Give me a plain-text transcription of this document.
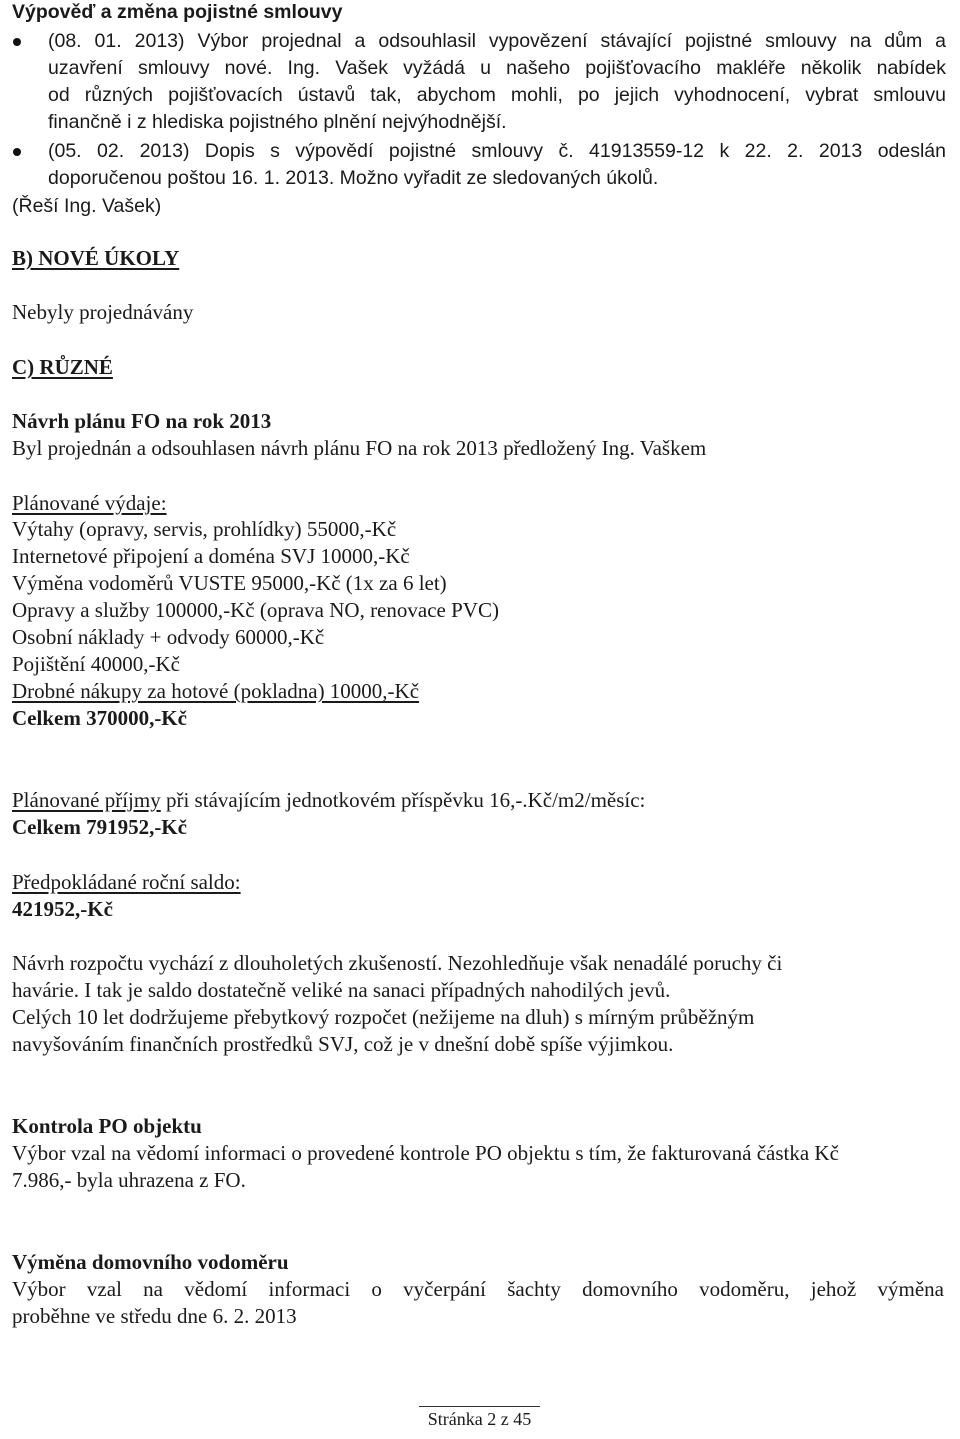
Výpověď a změna pojistné smlouvy
(08. 01. 2013) Výbor projednal a odsouhlasil vypovězení stávající pojistné smlouvy na dům a
uzavření smlouvy nové. Ing. Vašek vyžádá u našeho pojišťovacího makléře několik nabídek
od různých pojišťovacích ústavů tak, abychom mohli, po jejich vyhodnocení, vybrat smlouvu
finančně i z hlediska pojistného plnění nejvýhodnější.
(05. 02. 2013) Dopis s výpovědí pojistné smlouvy č. 41913559-12 k 22. 2. 2013 odeslán
doporučenou poštou 16. 1. 2013. Možno vyřadit ze sledovaných úkolů.
(Řeší Ing. Vašek)
B) NOVÉ ÚKOLY
Nebyly projednávány
C) RŮZNÉ
Návrh plánu FO na rok 2013
Byl projednán a odsouhlasen návrh plánu FO na rok 2013 předložený Ing. Vaškem
Plánované výdaje:
Výtahy (opravy, servis, prohlídky) 55000,-Kč
Internetové připojení a doména SVJ 10000,-Kč
Výměna vodoměrů VUSTE 95000,-Kč (1x za 6 let)
Opravy a služby 100000,-Kč (oprava NO, renovace PVC)
Osobní náklady + odvody 60000,-Kč
Pojištění 40000,-Kč
Drobné nákupy za hotové (pokladna) 10000,-Kč
Celkem 370000,-Kč
Plánované příjmy při stávajícím jednotkovém příspěvku 16,-.Kč/m2/měsíc:
Celkem 791952,-Kč
Předpokládané roční saldo:
421952,-Kč
Návrh rozpočtu vychází z dlouholetých zkušeností. Nezohledňuje však nenadálé poruchy či
havárie. I tak je saldo dostatečně veliké na sanaci případných nahodilých jevů.
Celých 10 let dodržujeme přebytkový rozpočet (nežijeme na dluh) s mírným průběžným
navyšováním finančních prostředků SVJ, což je v dnešní době spíše výjimkou.
Kontrola PO objektu
Výbor vzal na vědomí informaci o provedené kontrole PO objektu s tím, že fakturovaná částka Kč
7.986,- byla uhrazena z FO.
Výměna domovního vodoměru
Výbor vzal na vědomí informaci o vyčerpání šachty domovního vodoměru, jehož výměna
proběhne ve středu dne 6. 2. 2013
Stránka 2 z 45
